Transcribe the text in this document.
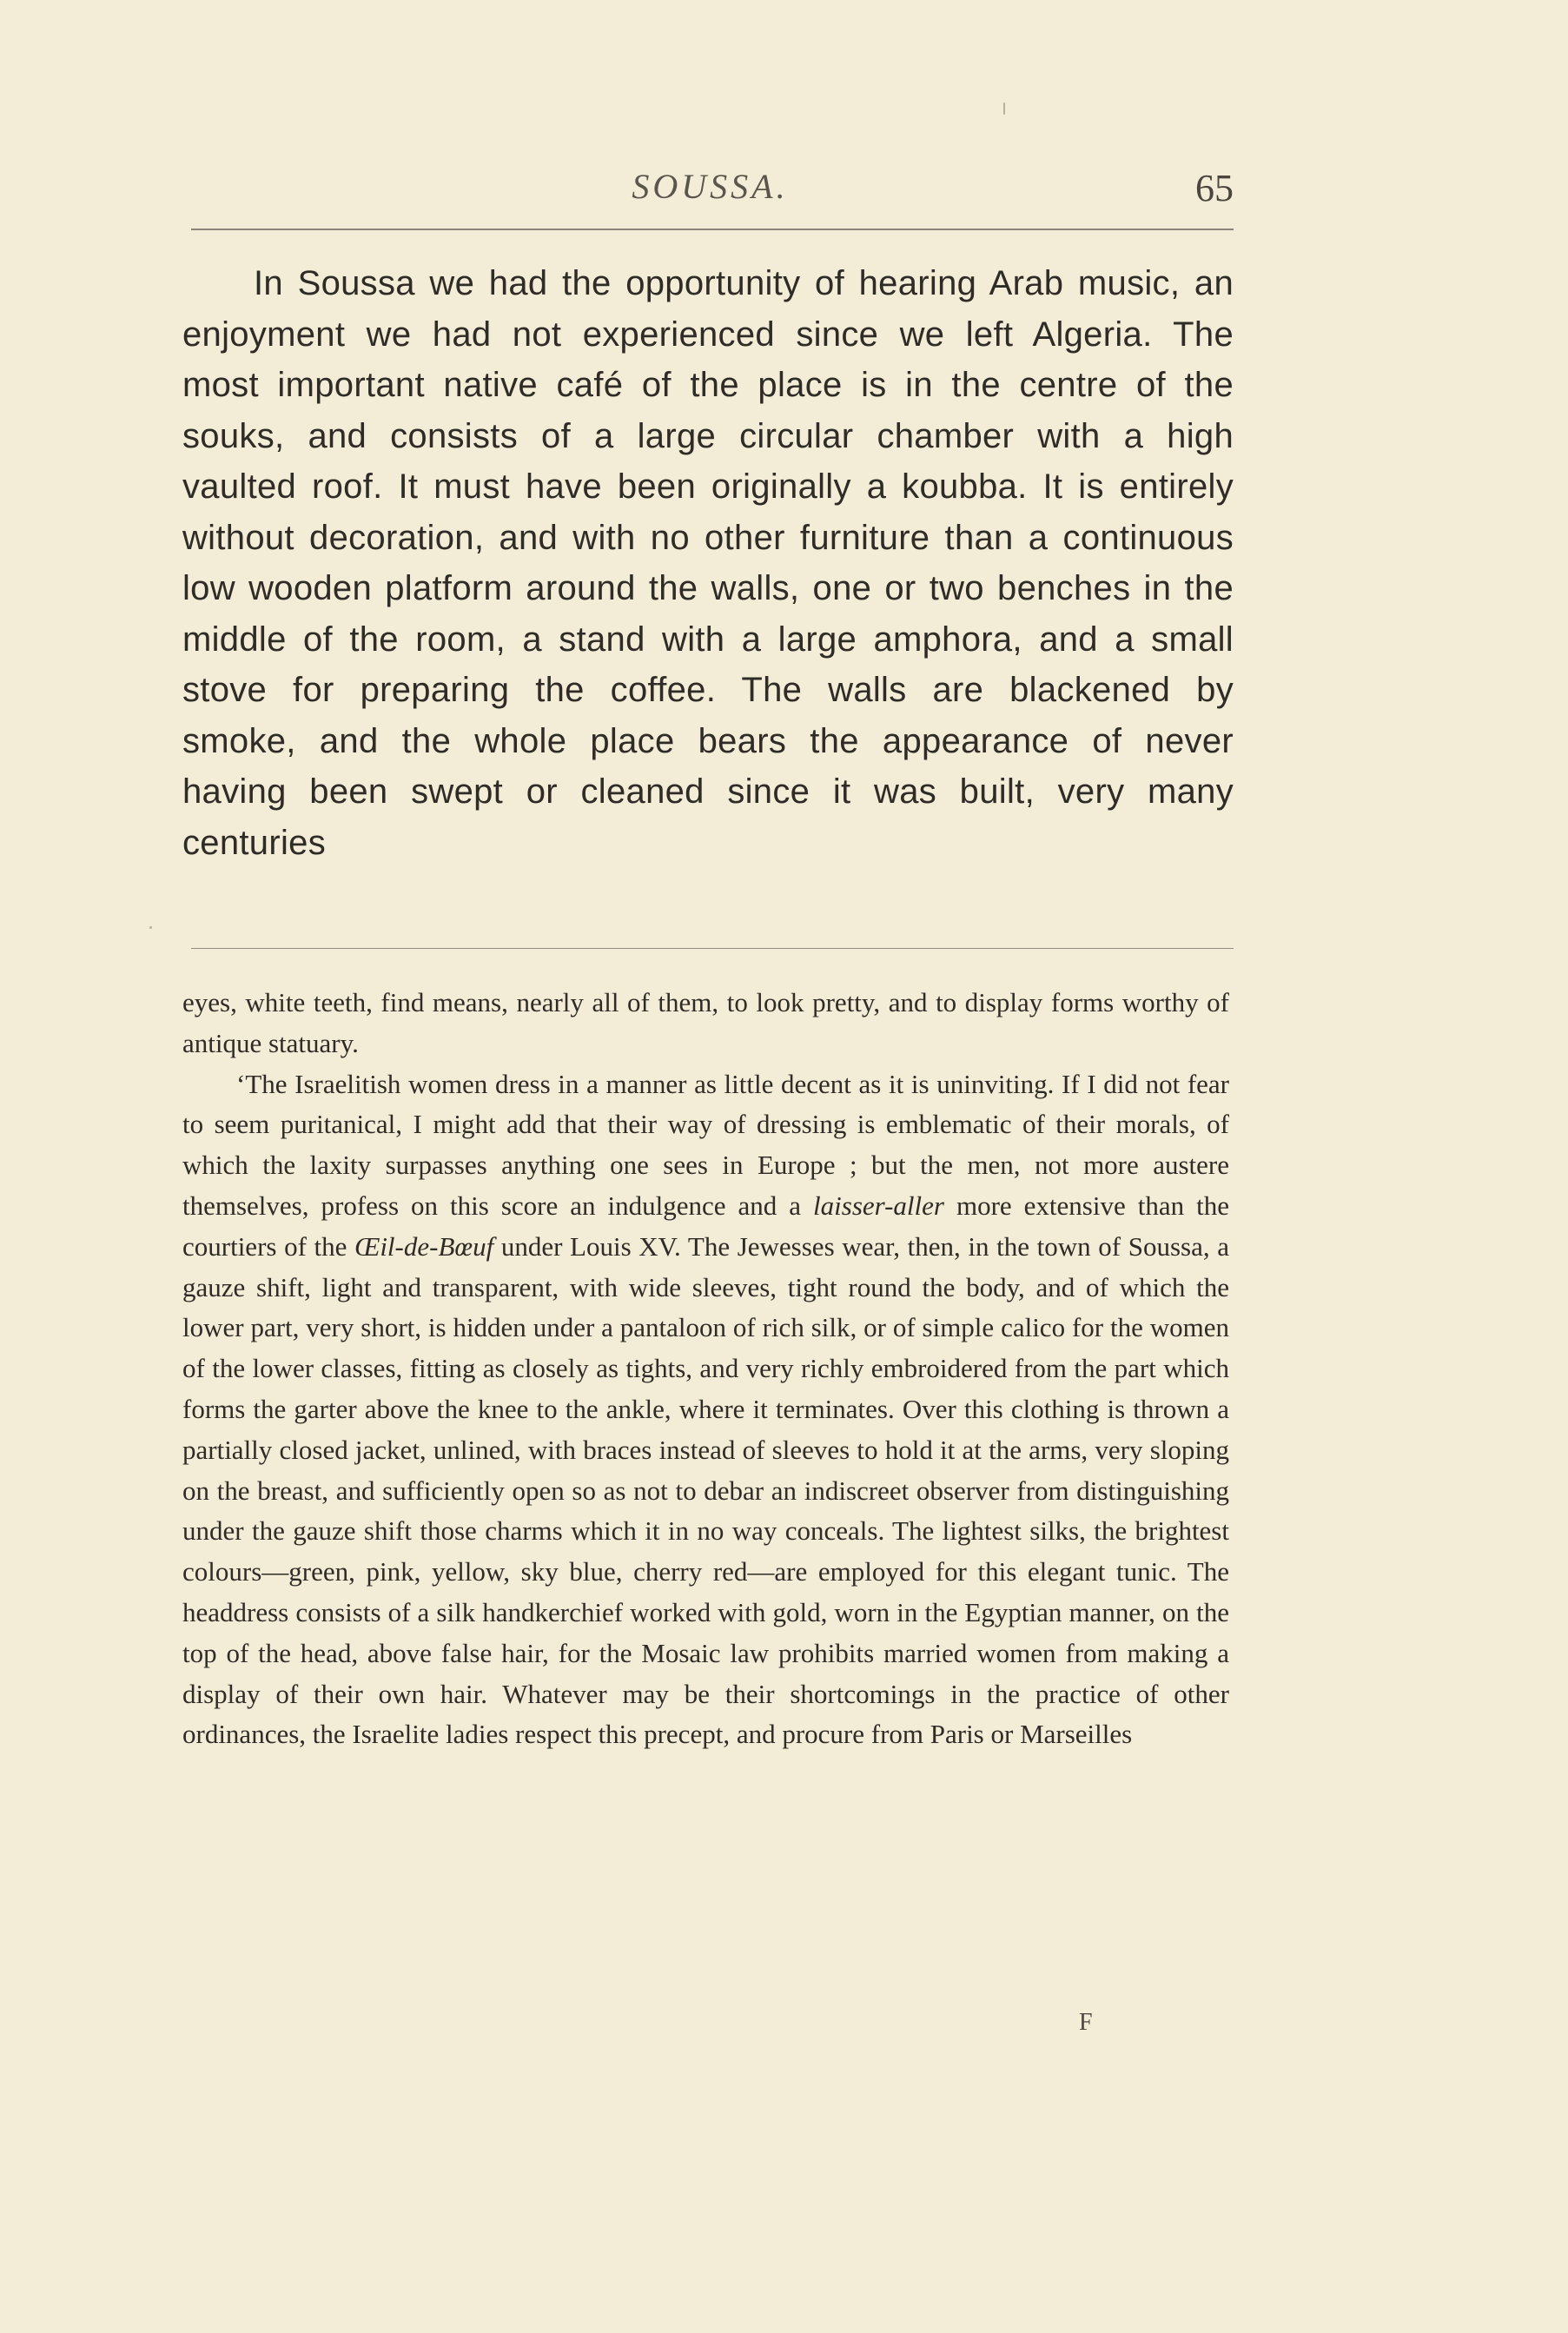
SOUSSA.	65

In Soussa we had the opportunity of hearing Arab music, an enjoyment we had not experienced since we left Algeria. The most important native café of the place is in the centre of the souks, and consists of a large circular chamber with a high vaulted roof. It must have been originally a koubba. It is entirely without decoration, and with no other furniture than a continuous low wooden platform around the walls, one or two benches in the middle of the room, a stand with a large amphora, and a small stove for preparing the coffee. The walls are blackened by smoke, and the whole place bears the appearance of never having been swept or cleaned since it was built, very many centuries

eyes, white teeth, find means, nearly all of them, to look pretty, and to display forms worthy of antique statuary.

‘The Israelitish women dress in a manner as little decent as it is uninviting. If I did not fear to seem puritanical, I might add that their way of dressing is emblematic of their morals, of which the laxity surpasses anything one sees in Europe ; but the men, not more austere themselves, profess on this score an indulgence and a laisser-aller more extensive than the courtiers of the Œil-de-Bœuf under Louis XV. The Jewesses wear, then, in the town of Soussa, a gauze shift, light and transparent, with wide sleeves, tight round the body, and of which the lower part, very short, is hidden under a pantaloon of rich silk, or of simple calico for the women of the lower classes, fitting as closely as tights, and very richly embroidered from the part which forms the garter above the knee to the ankle, where it terminates. Over this clothing is thrown a partially closed jacket, unlined, with braces instead of sleeves to hold it at the arms, very sloping on the breast, and sufficiently open so as not to debar an indiscreet observer from distinguishing under the gauze shift those charms which it in no way conceals. The lightest silks, the brightest colours—green, pink, yellow, sky blue, cherry red—are employed for this elegant tunic. The headdress consists of a silk handkerchief worked with gold, worn in the Egyptian manner, on the top of the head, above false hair, for the Mosaic law prohibits married women from making a display of their own hair. Whatever may be their shortcomings in the practice of other ordinances, the Israelite ladies respect this precept, and procure from Paris or Marseilles

F
